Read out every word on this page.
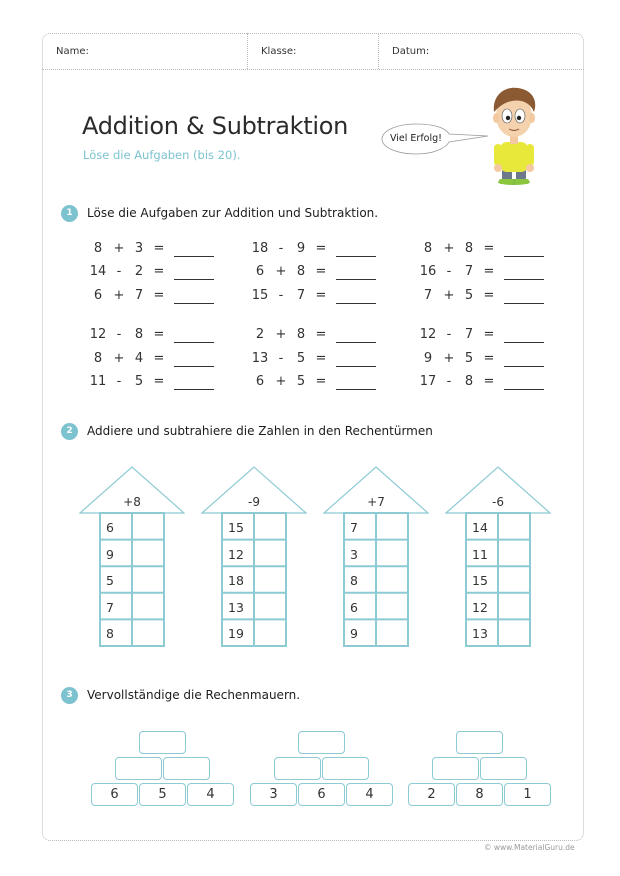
Name:	Klasse:	Datum:
Addition & Subtraktion
Löse die Aufgaben (bis 20).
Viel Erfolg!
1	Löse die Aufgaben zur Addition und Subtraktion.
8 + 3 =
14 -	2 =
6 + 7 =
12 -	8 =
8 + 4 =
11 -	5 =
18 -	9 =
6 + 8 =
15 -	7 =
2 + 8 =
13 -	5 =
6 + 5 =
8 + 8 =
16 -	7 =
7 + 5 =
12 -	7 =
9 + 5 =
17 -	8 =
2	Addiere und subtrahiere die Zahlen in den Rechentürmen
+8
6
9
5
7
8
-9
15
12
18
13
19
+7
7
3
8
6
9
-6
14
11
15
12
13
3	Vervollständige die Rechenmauern.
6	5	4	3	6	4	2	8	1
© www.MaterialGuru.de
